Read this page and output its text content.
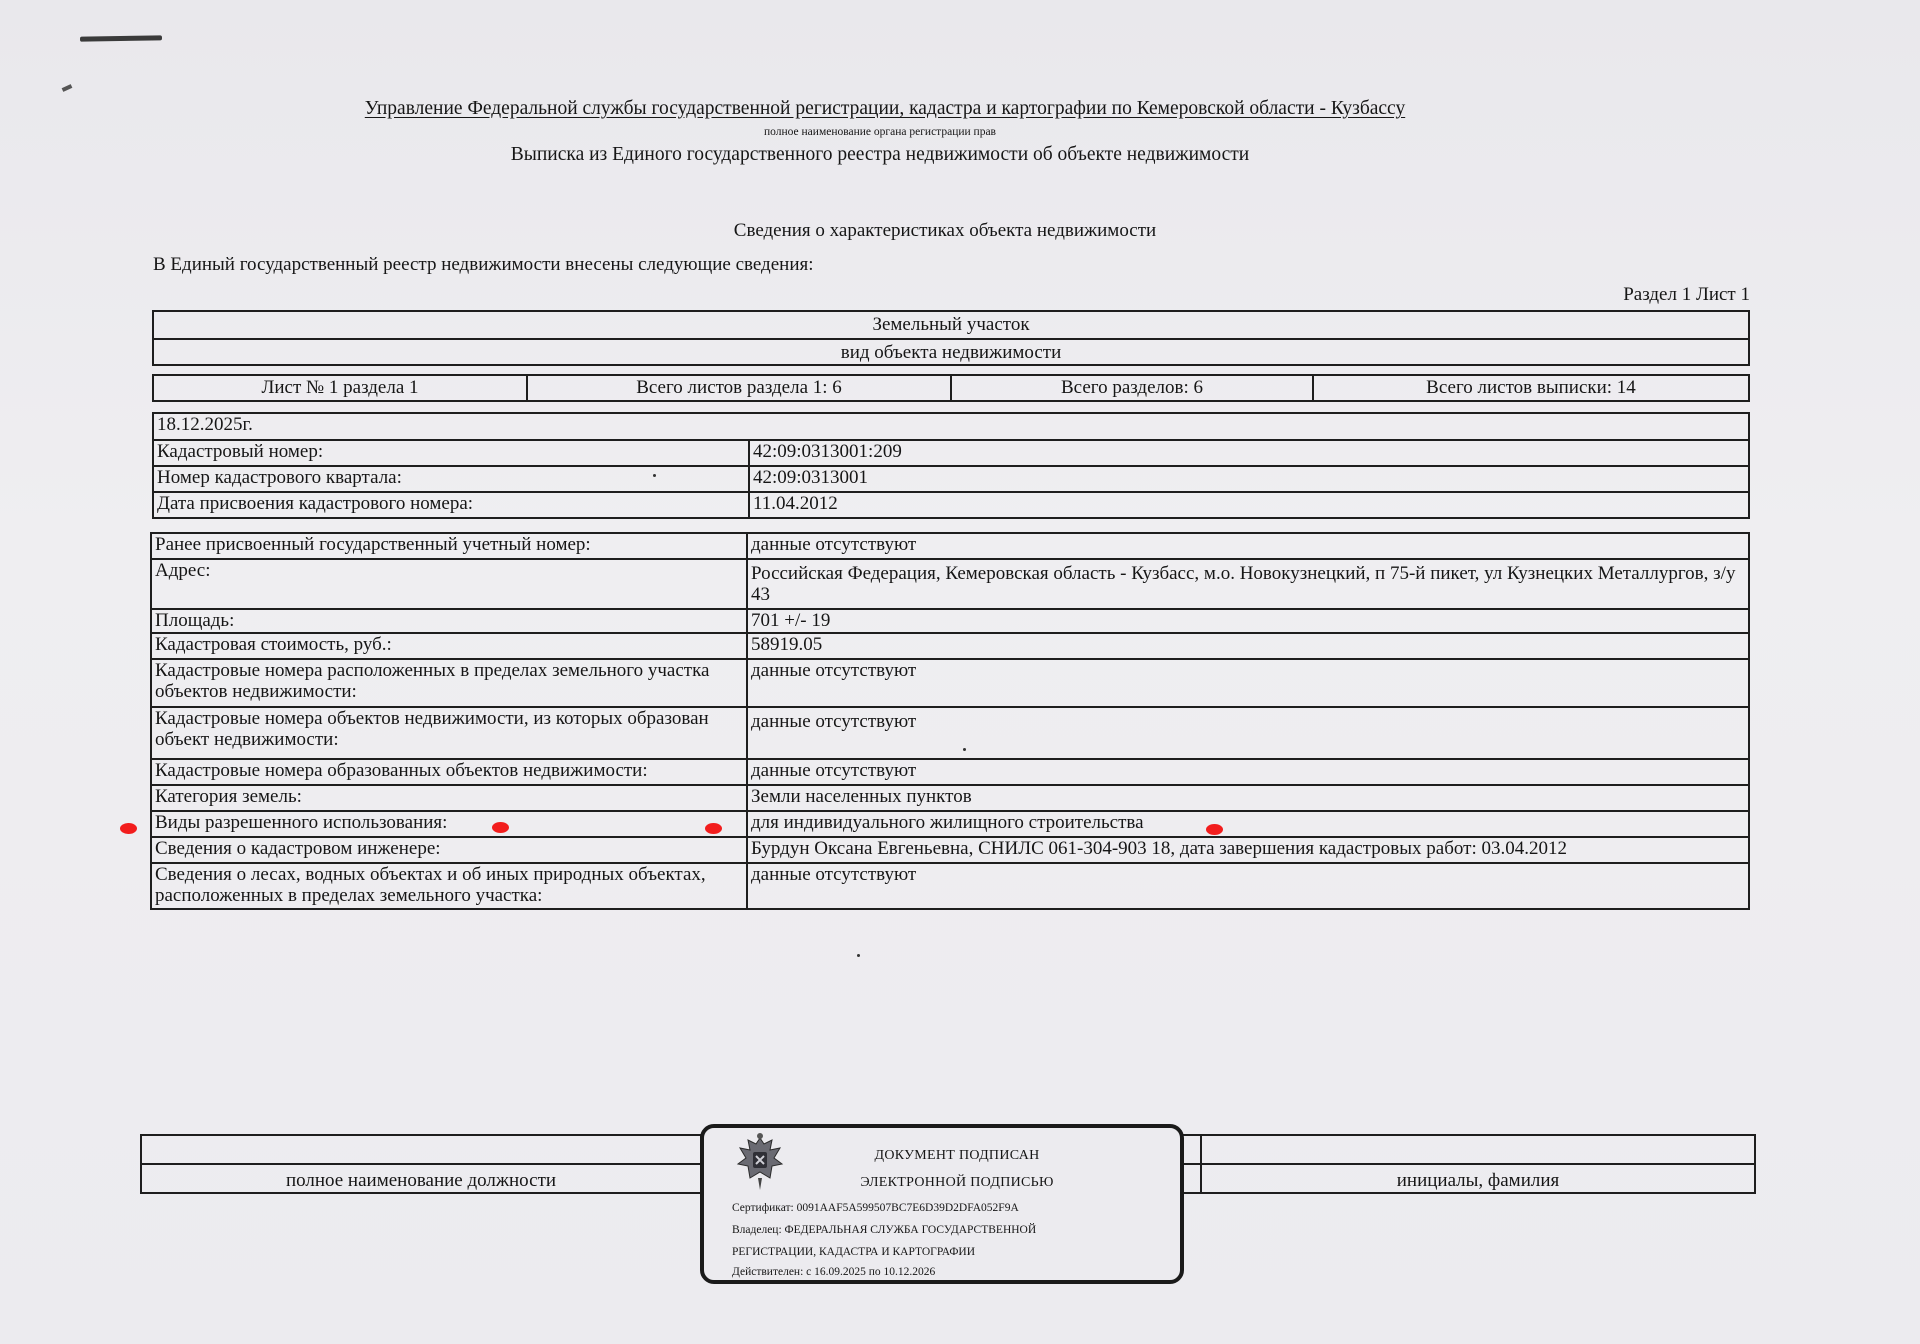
Управление Федеральной службы государственной регистрации, кадастра и картографии по Кемеровской области - Кузбассу
полное наименование органа регистрации прав
Выписка из Единого государственного реестра недвижимости об объекте недвижимости
Сведения о характеристиках объекта недвижимости
В Единый государственный реестр недвижимости внесены следующие сведения:
Раздел 1 Лист 1
Земельный участок
вид объекта недвижимости
Лист № 1 раздела 1	Всего листов раздела 1: 6	Всего разделов: 6	Всего листов выписки: 14
18.12.2025г.	
Кадастровый номер:	42:09:0313001:209
Номер кадастрового квартала:	42:09:0313001
Дата присвоения кадастрового номера:	11.04.2012
Ранее присвоенный государственный учетный номер:	данные отсутствуют
Адрес:	Российская Федерация, Кемеровская область - Кузбасс, м.о. Новокузнецкий, п 75-й пикет, ул Кузнецких Металлургов, з/у 43
Площадь:	701 +/- 19
Кадастровая стоимость, руб.:	58919.05
Кадастровые номера расположенных в пределах земельного участка объектов недвижимости:	данные отсутствуют
Кадастровые номера объектов недвижимости, из которых образован объект недвижимости:	данные отсутствуют
Кадастровые номера образованных объектов недвижимости:	данные отсутствуют
Категория земель:	Земли населенных пунктов
Виды разрешенного использования:	для индивидуального жилищного строительства
Сведения о кадастровом инженере:	Бурдун Оксана Евгеньевна, СНИЛС 061-304-903 18, дата завершения кадастровых работ: 03.04.2012
Сведения о лесах, водных объектах и об иных природных объектах, расположенных в пределах земельного участка:	данные отсутствуют

полное наименование должности		инициалы, фамилия
ДОКУМЕНТ ПОДПИСАН
ЭЛЕКТРОННОЙ ПОДПИСЬЮ
Сертификат: 0091AAF5A599507BC7E6D39D2DFA052F9A
Владелец: ФЕДЕРАЛЬНАЯ СЛУЖБА ГОСУДАРСТВЕННОЙ
РЕГИСТРАЦИИ, КАДАСТРА И КАРТОГРАФИИ
Действителен: с 16.09.2025 по 10.12.2026
